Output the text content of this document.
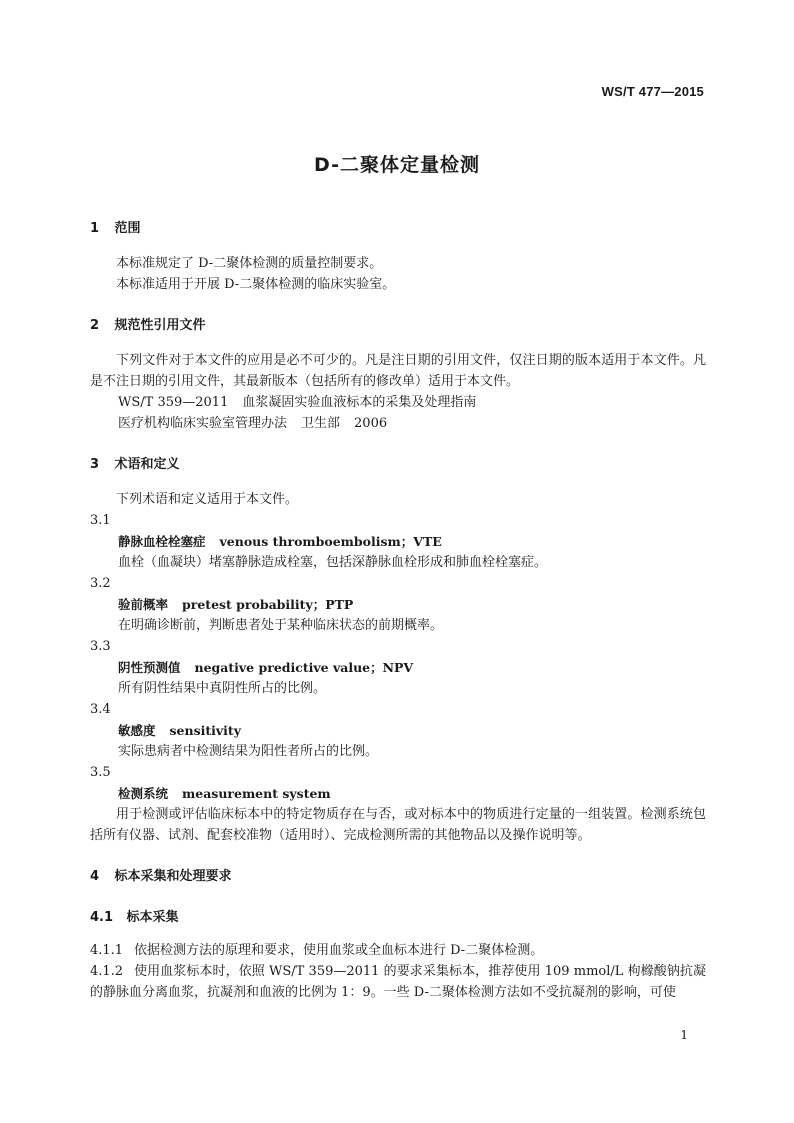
WS/T 477—2015
D-二聚体定量检测
1 范围

本标准规定了 D-二聚体检测的质量控制要求。

本标准适用于开展 D-二聚体检测的临床实验室。

2 规范性引用文件

下列文件对于本文件的应用是必不可少的。凡是注日期的引用文件，仅注日期的版本适用于本文件。凡是不注日期的引用文件，其最新版本（包括所有的修改单）适用于本文件。

WS/T 359—2011 血浆凝固实验血液标本的采集及处理指南

医疗机构临床实验室管理办法 卫生部 2006

3 术语和定义

下列术语和定义适用于本文件。

3.1

静脉血栓栓塞症 venous thromboembolism；VTE

血栓（血凝块）堵塞静脉造成栓塞，包括深静脉血栓形成和肺血栓栓塞症。

3.2

验前概率 pretest probability；PTP

在明确诊断前，判断患者处于某种临床状态的前期概率。

3.3

阴性预测值 negative predictive value；NPV

所有阴性结果中真阴性所占的比例。

3.4

敏感度 sensitivity

实际患病者中检测结果为阳性者所占的比例。

3.5

检测系统 measurement system

用于检测或评估临床标本中的特定物质存在与否，或对标本中的物质进行定量的一组装置。检测系统包括所有仪器、试剂、配套校准物（适用时）、完成检测所需的其他物品以及操作说明等。

4 标本采集和处理要求
4.1 标本采集

4.1.1 依据检测方法的原理和要求，使用血浆或全血标本进行 D-二聚体检测。

4.1.2 使用血浆标本时，依照 WS/T 359—2011 的要求采集标本，推荐使用 109 mmol/L 枸橼酸钠抗凝的静脉血分离血浆，抗凝剂和血液的比例为 1：9。一些 D-二聚体检测方法如不受抗凝剂的影响，可使

1
